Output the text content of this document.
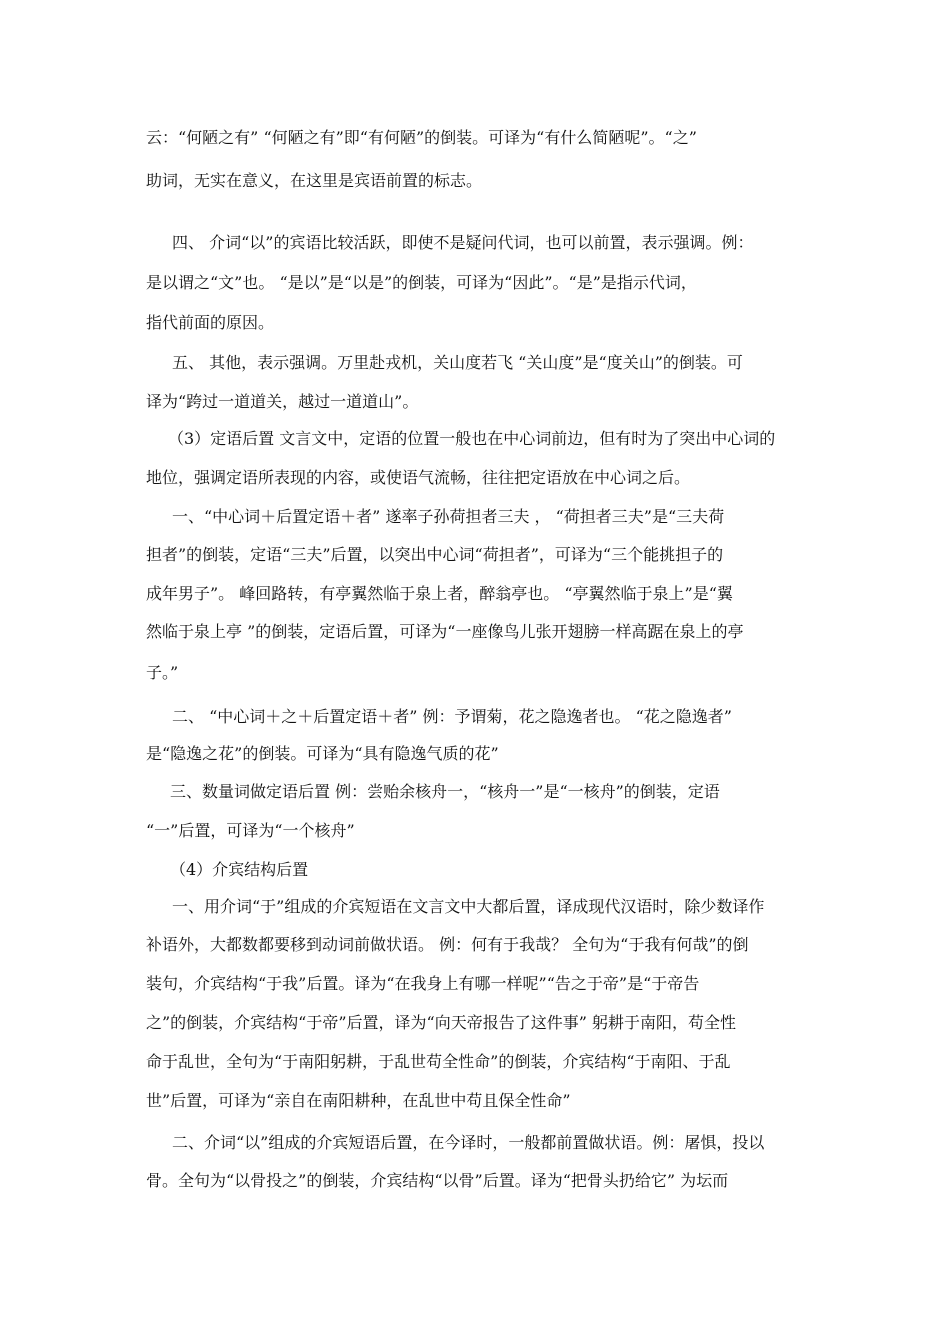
云：“何陋之有” “何陋之有”即“有何陋”的倒装。可译为“有什么简陋呢”。“之”
助词，无实在意义，在这里是宾语前置的标志。
四、 介词“以”的宾语比较活跃，即使不是疑问代词，也可以前置，表示强调。例：
是以谓之“文”也。 “是以”是“以是”的倒装，可译为“因此”。“是”是指示代词，
指代前面的原因。
五、 其他，表示强调。万里赴戎机，关山度若飞 “关山度”是“度关山”的倒装。可
译为“跨过一道道关，越过一道道山”。
（3）定语后置 文言文中，定语的位置一般也在中心词前边，但有时为了突出中心词的
地位，强调定语所表现的内容，或使语气流畅，往往把定语放在中心词之后。
一、“中心词＋后置定语＋者” 遂率子孙荷担者三夫 ， “荷担者三夫”是“三夫荷
担者”的倒装，定语“三夫”后置，以突出中心词“荷担者”，可译为“三个能挑担子的
成年男子”。 峰回路转，有亭翼然临于泉上者，醉翁亭也。 “亭翼然临于泉上”是“翼
然临于泉上亭 ”的倒装，定语后置，可译为“一座像鸟儿张开翅膀一样高踞在泉上的亭
子。”
二、 “中心词＋之＋后置定语＋者” 例：予谓菊，花之隐逸者也。 “花之隐逸者”
是“隐逸之花”的倒装。可译为“具有隐逸气质的花”
三、数量词做定语后置 例：尝贻余核舟一，“核舟一”是“一核舟”的倒装，定语
“一”后置，可译为“一个核舟”
（4）介宾结构后置
一、用介词“于”组成的介宾短语在文言文中大都后置，译成现代汉语时，除少数译作
补语外，大都数都要移到动词前做状语。 例：何有于我哉？ 全句为“于我有何哉”的倒
装句，介宾结构“于我”后置。译为“在我身上有哪一样呢”“告之于帝”是“于帝告
之”的倒装，介宾结构“于帝”后置，译为“向天帝报告了这件事” 躬耕于南阳，苟全性
命于乱世，全句为“于南阳躬耕，于乱世苟全性命”的倒装，介宾结构“于南阳、于乱
世”后置，可译为“亲自在南阳耕种，在乱世中苟且保全性命”
二、介词“以”组成的介宾短语后置，在今译时，一般都前置做状语。例：屠惧，投以
骨。全句为“以骨投之”的倒装，介宾结构“以骨”后置。译为“把骨头扔给它” 为坛而
